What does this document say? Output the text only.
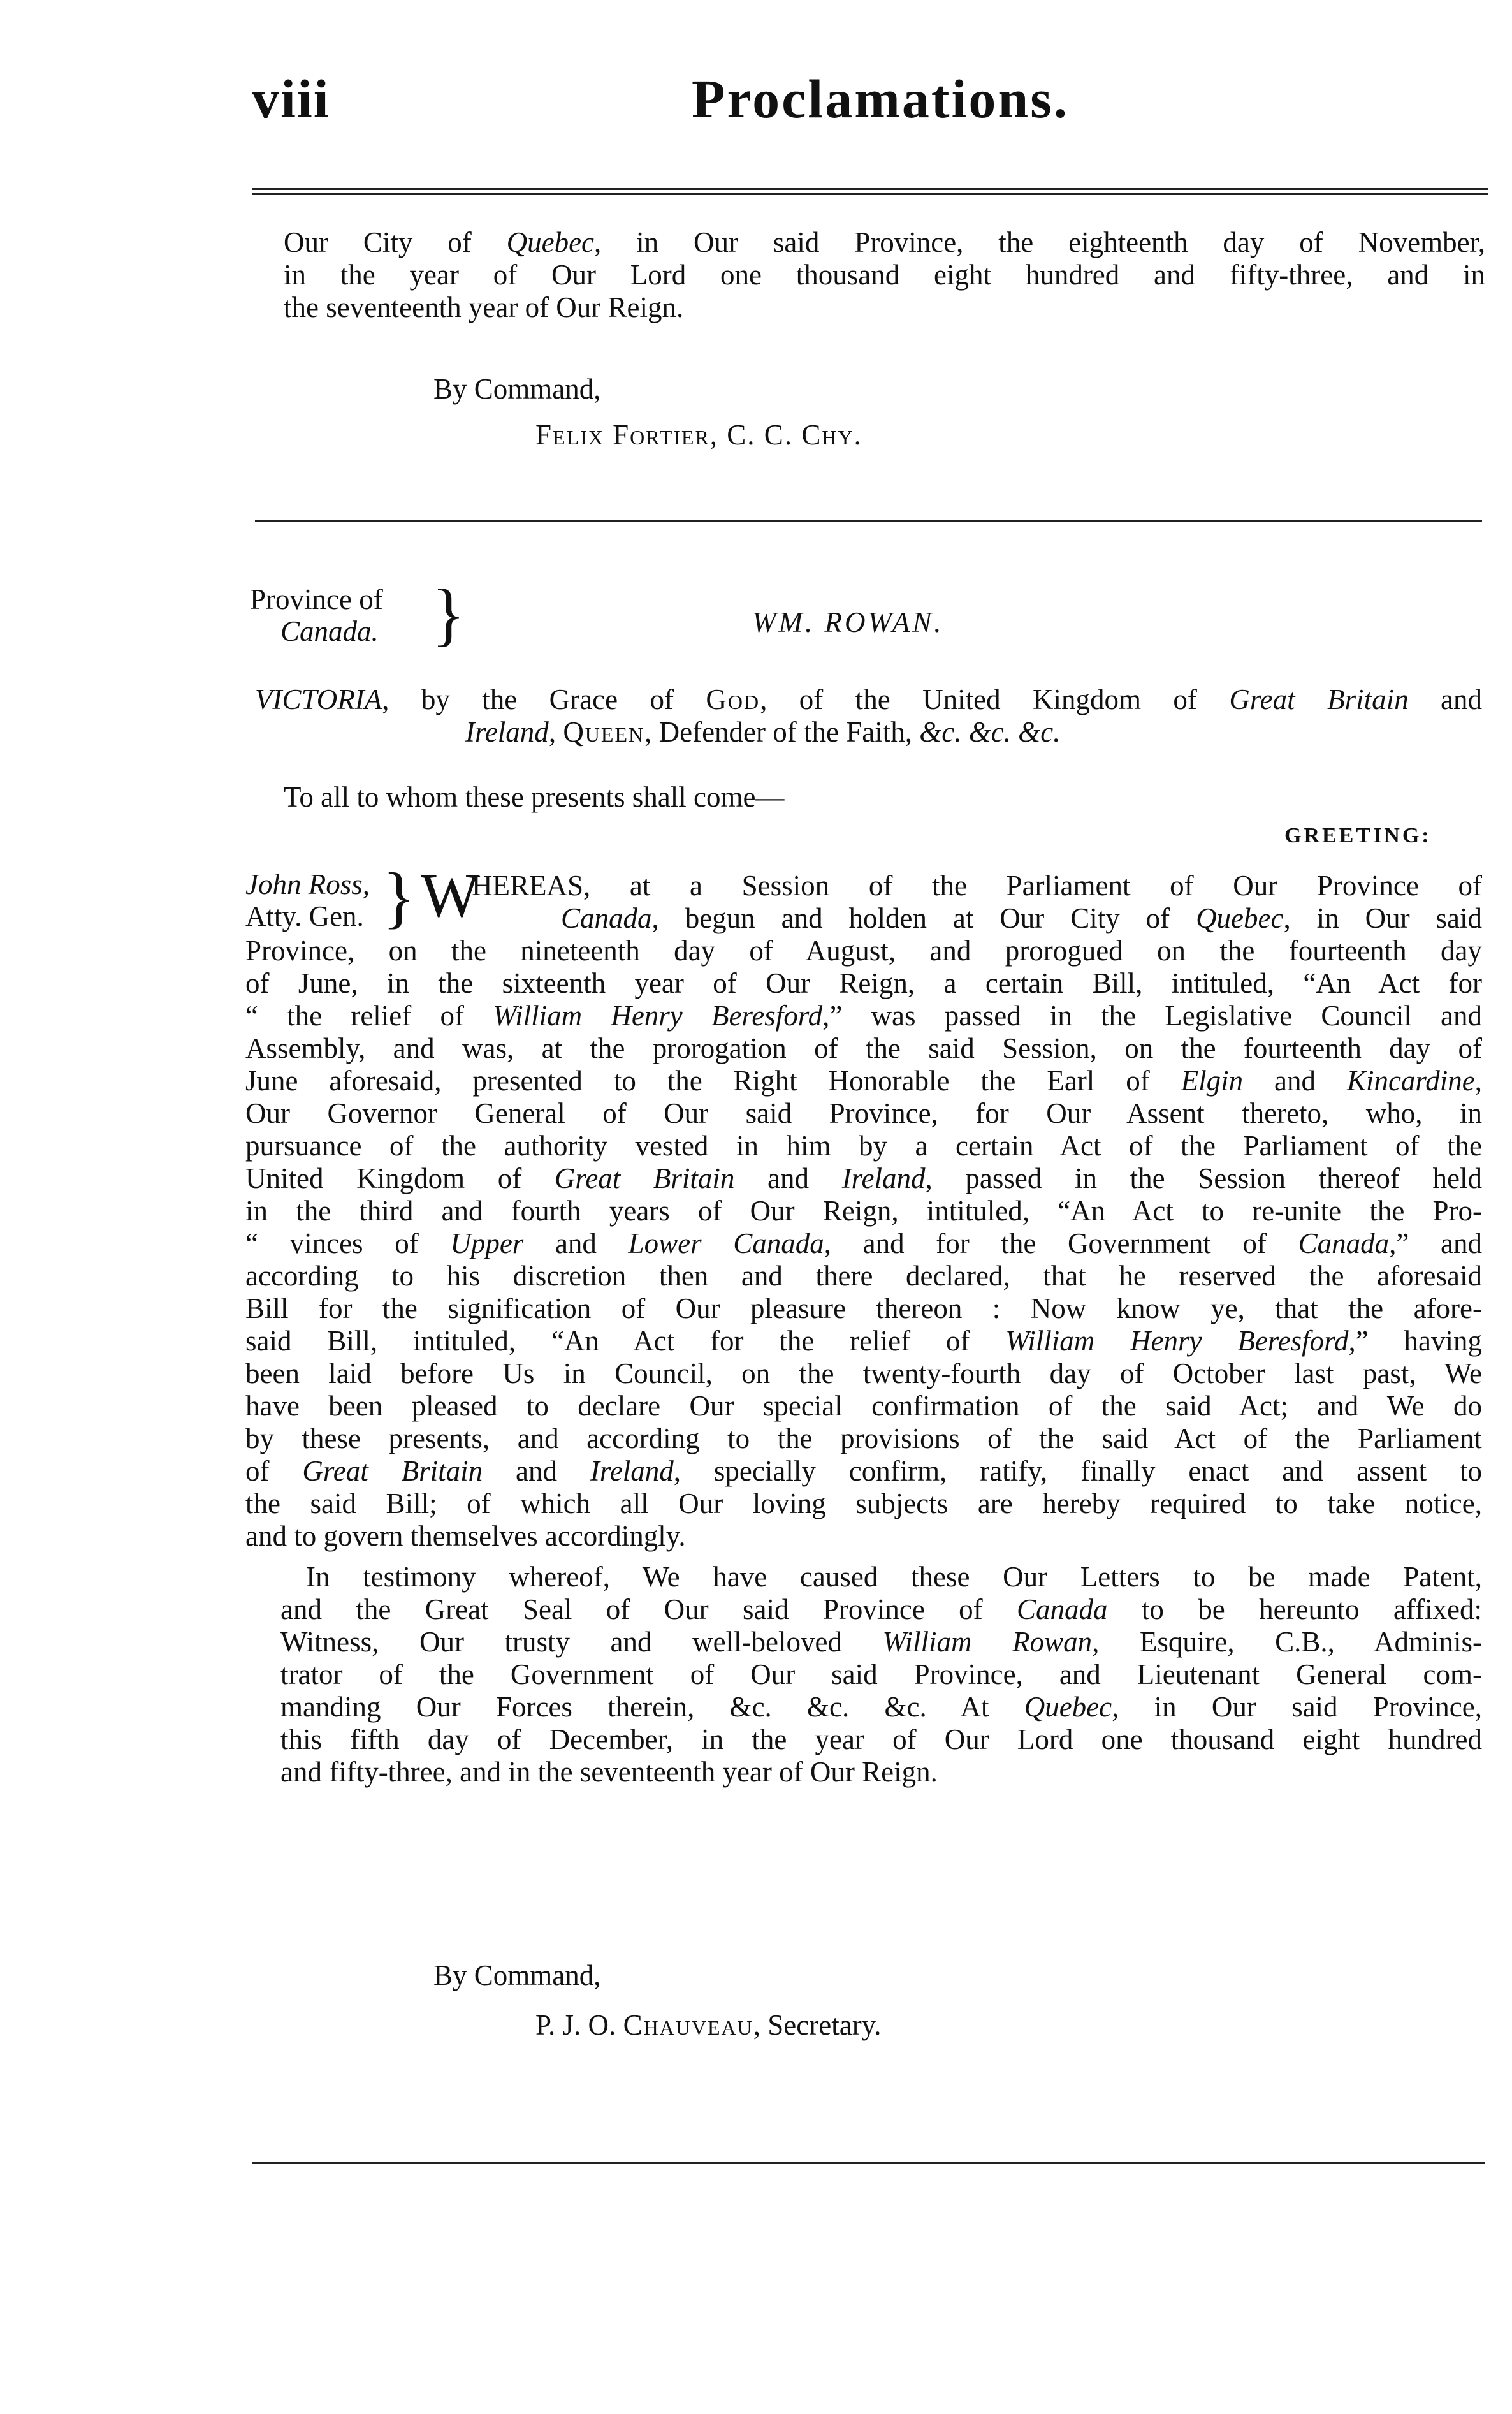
viii	Proclamations.
Our City of Quebec, in Our said Province, the eighteenth day of November,
in the year of Our Lord one thousand eight hundred and fifty-three, and in
the seventeenth year of Our Reign.
By Command,
Felix Fortier, C. C. Chy.
Province of
Canada. }	WM. ROWAN.
VICTORIA, by the Grace of God, of the United Kingdom of Great Britain and
Ireland, Queen, Defender of the Faith, &c. &c. &c.
To all to whom these presents shall come—
GREETING:
John Ross,
Atty. Gen. } W
HEREAS, at a Session of the Parliament of Our Province of
Canada, begun and holden at Our City of Quebec, in Our said
Province, on the nineteenth day of August, and prorogued on the fourteenth day
of June, in the sixteenth year of Our Reign, a certain Bill, intituled, “An Act for
“ the relief of William Henry Beresford,” was passed in the Legislative Council and
Assembly, and was, at the prorogation of the said Session, on the fourteenth day of
June aforesaid, presented to the Right Honorable the Earl of Elgin and Kincardine,
Our Governor General of Our said Province, for Our Assent thereto, who, in
pursuance of the authority vested in him by a certain Act of the Parliament of the
United Kingdom of Great Britain and Ireland, passed in the Session thereof held
in the third and fourth years of Our Reign, intituled, “An Act to re-unite the Pro-
“ vinces of Upper and Lower Canada, and for the Government of Canada,” and
according to his discretion then and there declared, that he reserved the aforesaid
Bill for the signification of Our pleasure thereon : Now know ye, that the afore-
said Bill, intituled, “An Act for the relief of William Henry Beresford,” having
been laid before Us in Council, on the twenty-fourth day of October last past, We
have been pleased to declare Our special confirmation of the said Act; and We do
by these presents, and according to the provisions of the said Act of the Parliament
of Great Britain and Ireland, specially confirm, ratify, finally enact and assent to
the said Bill; of which all Our loving subjects are hereby required to take notice,
and to govern themselves accordingly.
In testimony whereof, We have caused these Our Letters to be made Patent,
and the Great Seal of Our said Province of Canada to be hereunto affixed:
Witness, Our trusty and well-beloved William Rowan, Esquire, C.B., Adminis-
trator of the Government of Our said Province, and Lieutenant General com-
manding Our Forces therein, &c. &c. &c. At Quebec, in Our said Province,
this fifth day of December, in the year of Our Lord one thousand eight hundred
and fifty-three, and in the seventeenth year of Our Reign.
By Command,
P. J. O. Chauveau, Secretary.
